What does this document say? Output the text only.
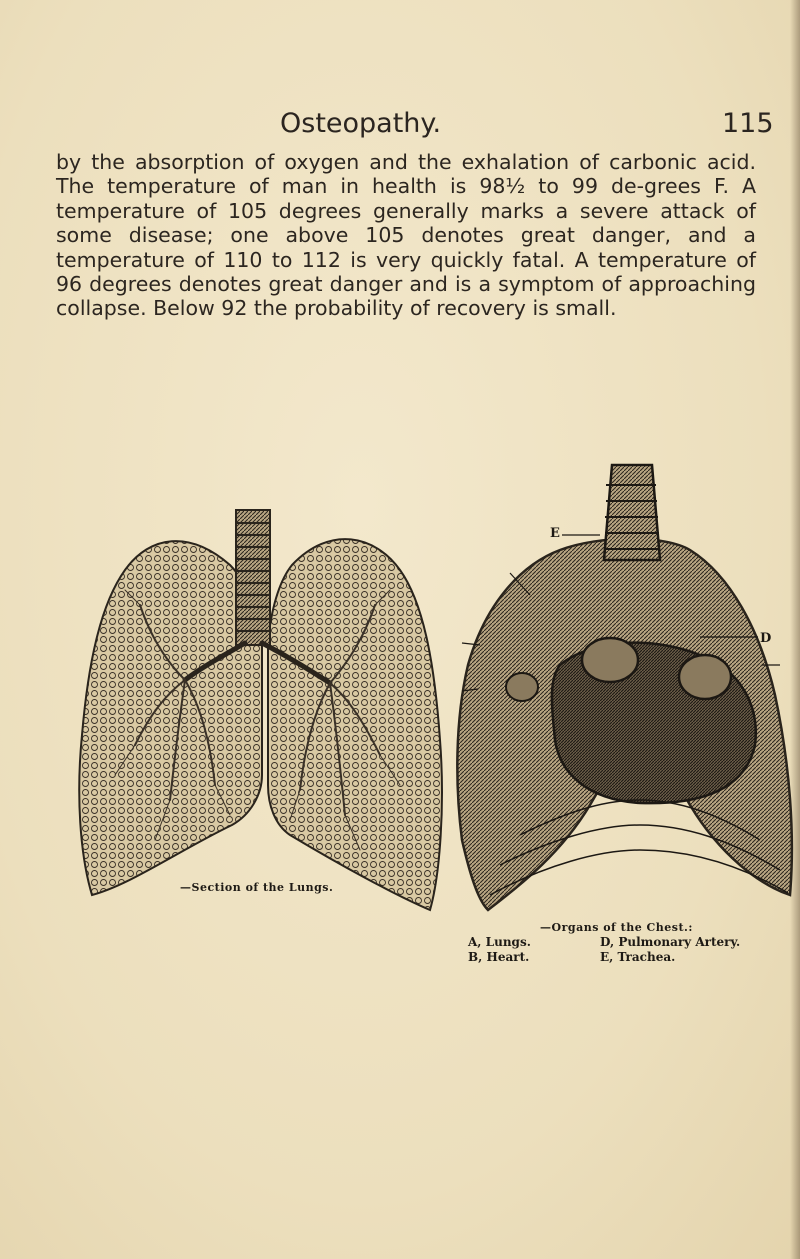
Osteopathy.	115

by the absorption of oxygen and the exhalation of carbonic acid. The temperature of man in health is 98½ to 99 de-grees F. A temperature of 105 degrees generally marks a severe attack of some disease; one above 105 denotes great danger, and a temperature of 110 to 112 is very quickly fatal. A temperature of 96 degrees denotes great danger and is a symptom of approaching collapse. Below 92 the probability of recovery is small.

E
D
—Section of the Lungs.
—Organs of the Chest.:
A, Lungs.
B, Heart.
D, Pulmonary Artery.
E, Trachea.
